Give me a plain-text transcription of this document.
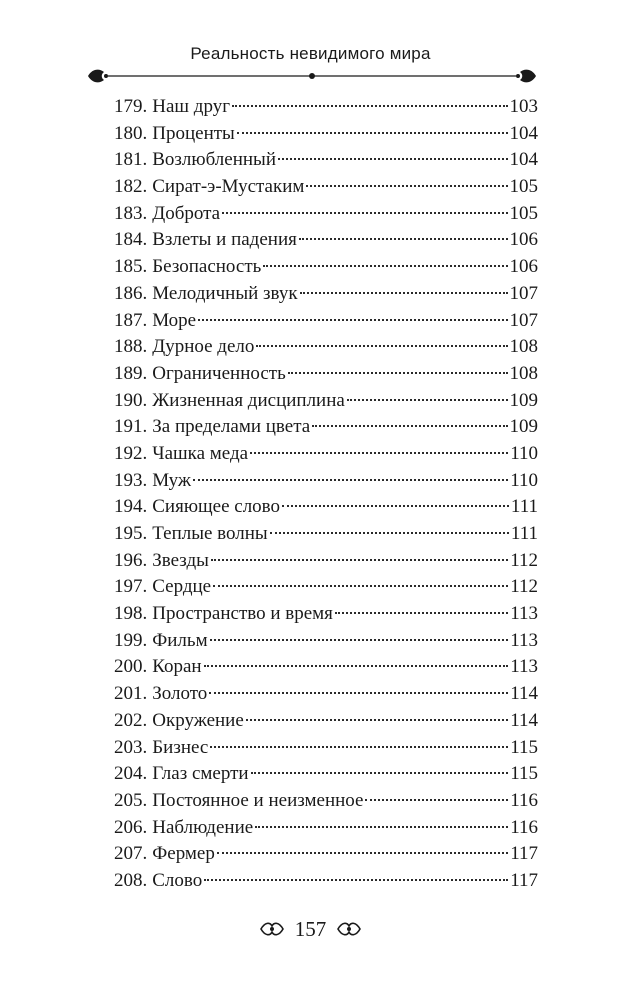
Реальность невидимого мира
179. Наш друг	103
180. Проценты	104
181. Возлюбленный	104
182. Сират-э-Мустаким	105
183. Доброта	105
184. Взлеты и падения	106
185. Безопасность	106
186. Мелодичный звук	107
187. Море	107
188. Дурное дело	108
189. Ограниченность	108
190. Жизненная дисциплина	109
191. За пределами цвета	109
192. Чашка меда	110
193. Муж	110
194. Сияющее слово	111
195. Теплые волны	111
196. Звезды	112
197. Сердце	112
198. Пространство и время	113
199. Фильм	113
200. Коран	113
201. Золото	114
202. Окружение	114
203. Бизнес	115
204. Глаз смерти	115
205. Постоянное и неизменное	116
206. Наблюдение	116
207. Фермер	117
208. Слово	117
157
